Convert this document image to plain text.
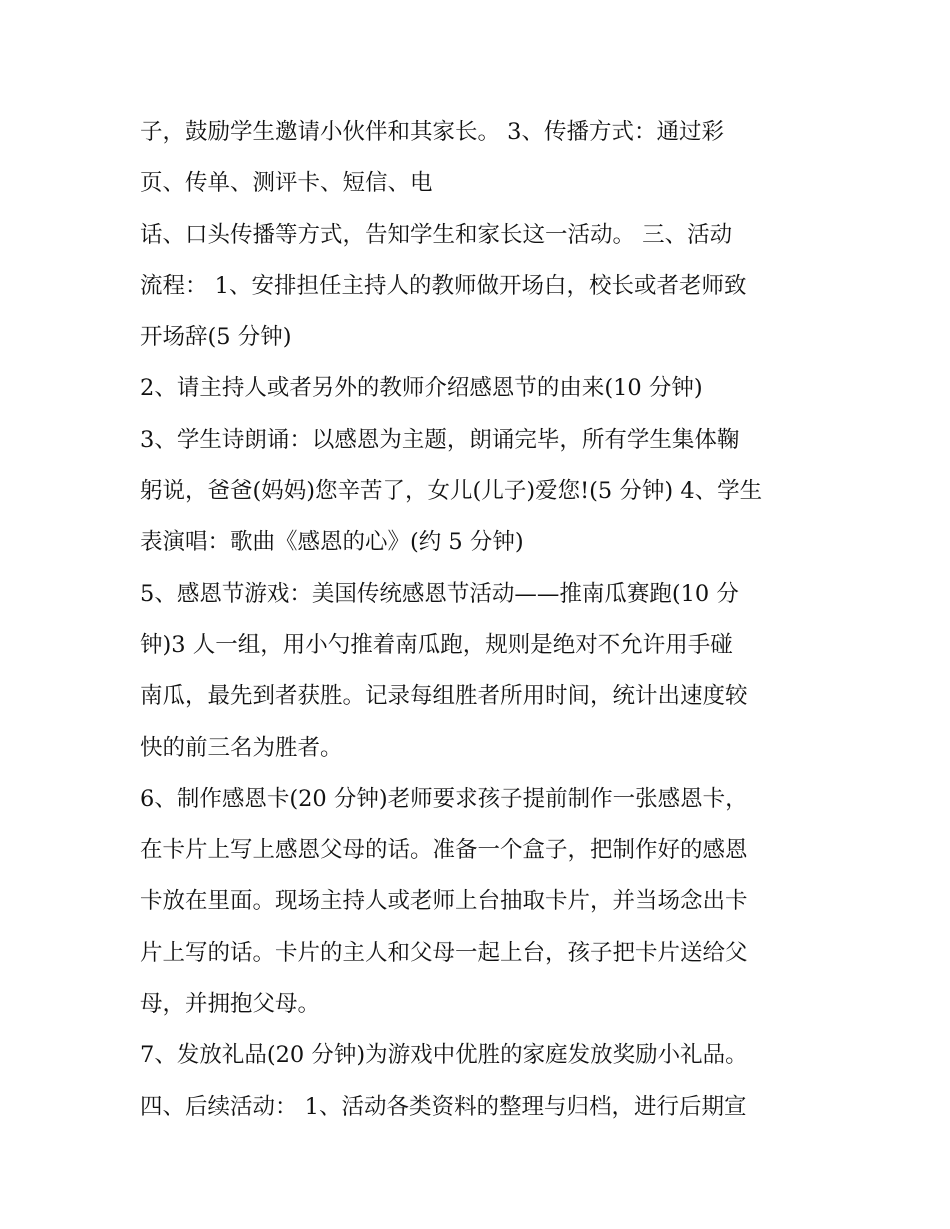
子，鼓励学生邀请小伙伴和其家长。 3、传播方式：通过彩
页、传单、测评卡、短信、电
话、口头传播等方式，告知学生和家长这一活动。 三、活动
流程： 1、安排担任主持人的教师做开场白，校长或者老师致
开场辞(5 分钟)
2、请主持人或者另外的教师介绍感恩节的由来(10 分钟)
3、学生诗朗诵：以感恩为主题，朗诵完毕，所有学生集体鞠
躬说，爸爸(妈妈)您辛苦了，女儿(儿子)爱您!(5 分钟) 4、学生
表演唱：歌曲《感恩的心》(约 5 分钟)
5、感恩节游戏：美国传统感恩节活动——推南瓜赛跑(10 分
钟)3 人一组，用小勺推着南瓜跑，规则是绝对不允许用手碰
南瓜，最先到者获胜。记录每组胜者所用时间，统计出速度较
快的前三名为胜者。
6、制作感恩卡(20 分钟)老师要求孩子提前制作一张感恩卡，
在卡片上写上感恩父母的话。准备一个盒子，把制作好的感恩
卡放在里面。现场主持人或老师上台抽取卡片，并当场念出卡
片上写的话。卡片的主人和父母一起上台，孩子把卡片送给父
母，并拥抱父母。
7、发放礼品(20 分钟)为游戏中优胜的家庭发放奖励小礼品。
四、后续活动： 1、活动各类资料的整理与归档，进行后期宣
